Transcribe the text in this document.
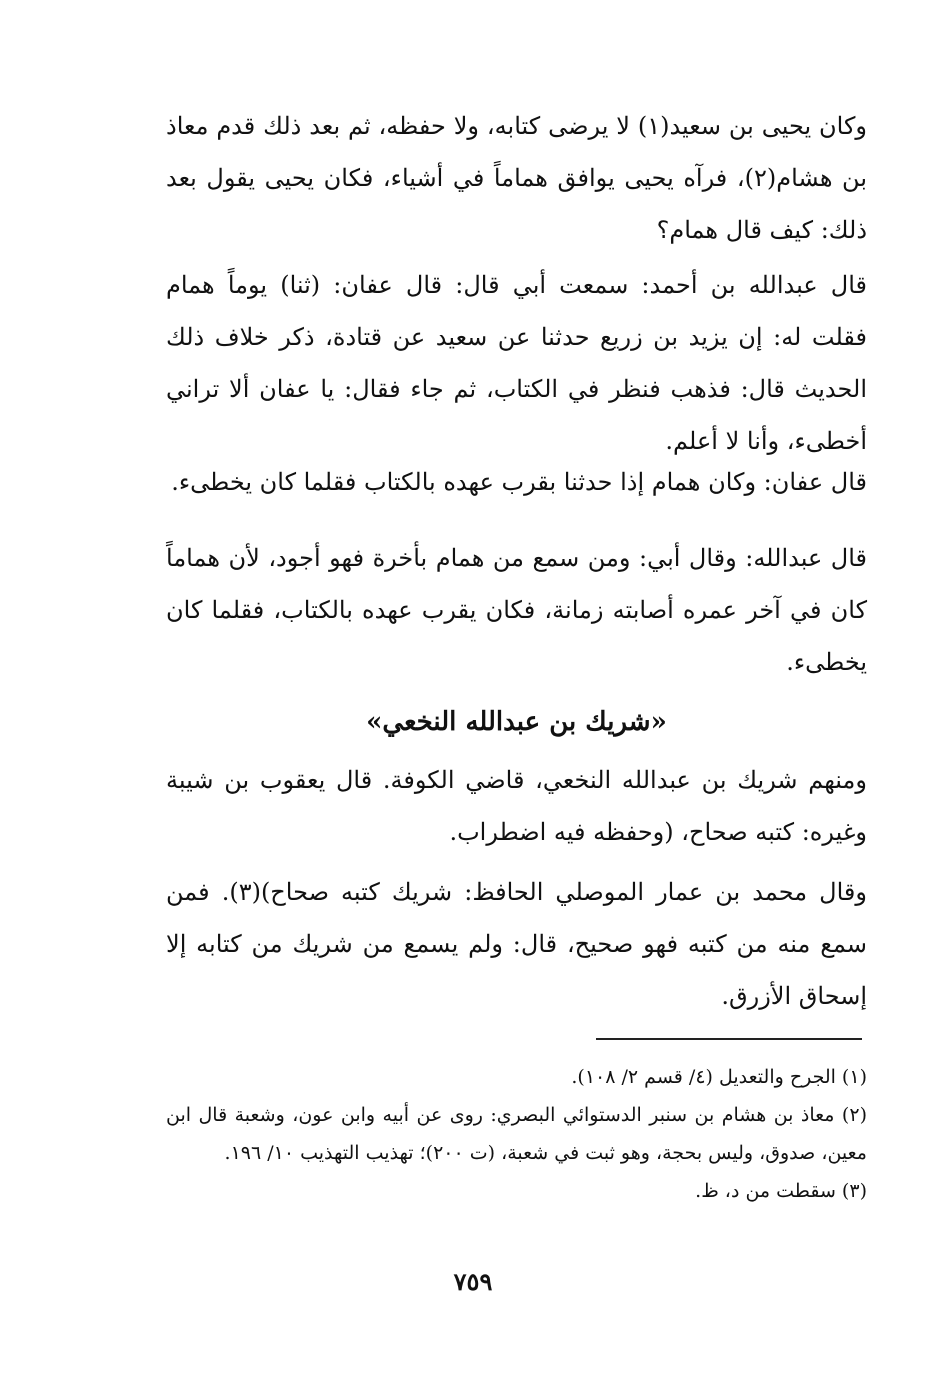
وكان يحيى بن سعيد(١) لا يرضى كتابه، ولا حفظه، ثم بعد ذلك قدم معاذ بن هشام(٢)، فرآه يحيى يوافق هماماً في أشياء، فكان يحيى يقول بعد ذلك: كيف قال همام؟

قال عبدالله بن أحمد: سمعت أبي قال: قال عفان: (ثنا) يوماً همام فقلت له: إن يزيد بن زريع حدثنا عن سعيد عن قتادة، ذكر خلاف ذلك الحديث قال: فذهب فنظر في الكتاب، ثم جاء فقال: يا عفان ألا تراني أخطىء، وأنا لا أعلم.

قال عفان: وكان همام إذا حدثنا بقرب عهده بالكتاب فقلما كان يخطىء.

قال عبدالله: وقال أبي: ومن سمع من همام بأخرة فهو أجود، لأن هماماً كان في آخر عمره أصابته زمانة، فكان يقرب عهده بالكتاب، فقلما كان يخطىء.

«شريك بن عبدالله النخعي»

ومنهم شريك بن عبدالله النخعي، قاضي الكوفة. قال يعقوب بن شيبة وغيره: كتبه صحاح، (وحفظه فيه اضطراب.

وقال محمد بن عمار الموصلي الحافظ: شريك كتبه صحاح)(٣). فمن سمع منه من كتبه فهو صحيح، قال: ولم يسمع من شريك من كتابه إلا إسحاق الأزرق.

(١) الجرح والتعديل (٤/ قسم ٢/ ١٠٨).

(٢) معاذ بن هشام بن سنبر الدستوائي البصري: روى عن أبيه وابن عون، وشعبة قال ابن معين، صدوق، وليس بحجة، وهو ثبت في شعبة، (ت ٢٠٠)؛ تهذيب التهذيب ١٠/ ١٩٦.

(٣) سقطت من د، ظ.

٧٥٩
